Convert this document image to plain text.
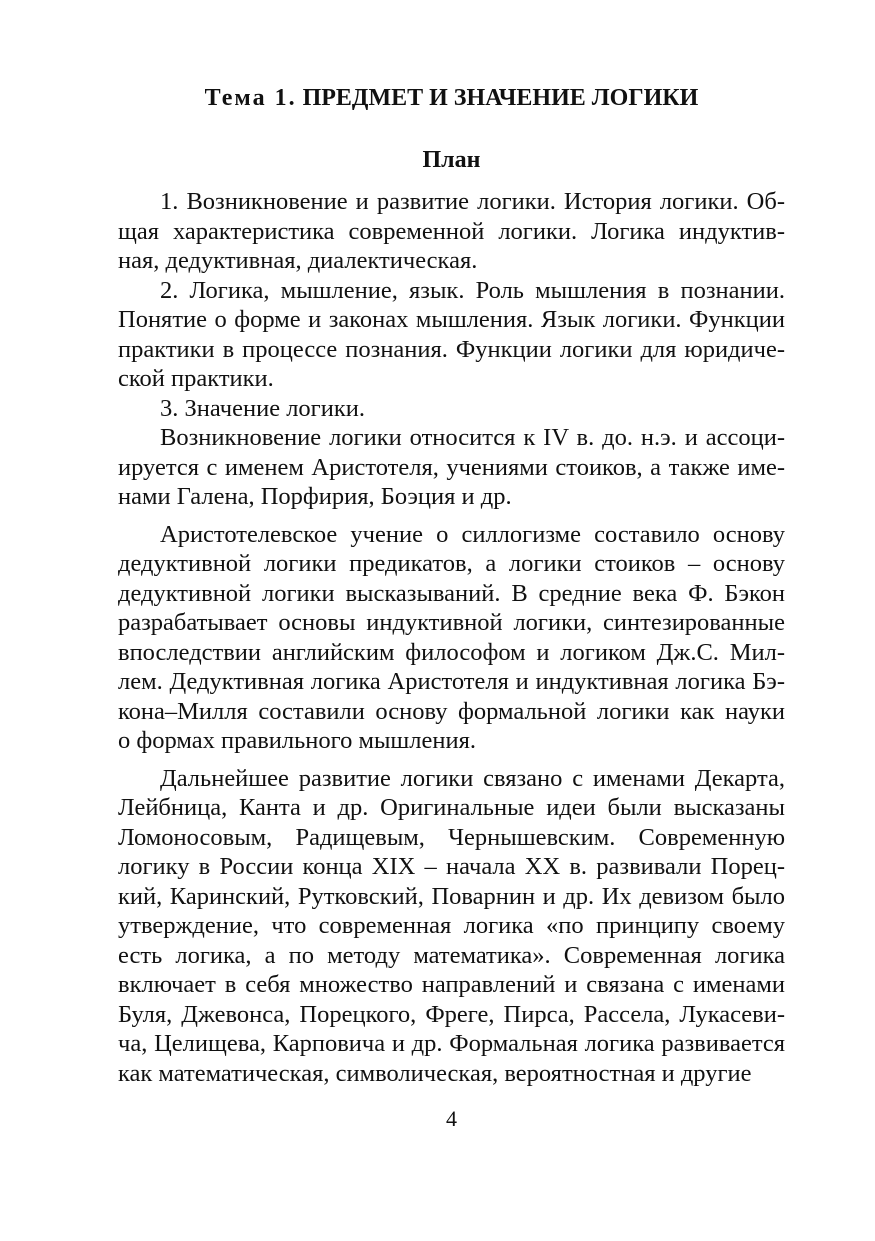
Тема 1. ПРЕДМЕТ И ЗНАЧЕНИЕ ЛОГИКИ
План
1. Возникновение и развитие логики. История логики. Об-
щая характеристика современной логики. Логика индуктив-
ная, дедуктивная, диалектическая.
2. Логика, мышление, язык. Роль мышления в познании.
Понятие о форме и законах мышления. Язык логики. Функции
практики в процессе познания. Функции логики для юридиче-
ской практики.
3. Значение логики.
Возникновение логики относится к IV в. до. н.э. и ассоци-
ируется с именем Аристотеля, учениями стоиков, а также име-
нами Галена, Порфирия, Боэция и др.
Аристотелевское учение о силлогизме составило основу
дедуктивной логики предикатов, а логики стоиков – основу
дедуктивной логики высказываний. В средние века Ф. Бэкон
разрабатывает основы индуктивной логики, синтезированные
впоследствии английским философом и логиком Дж.С. Мил-
лем. Дедуктивная логика Аристотеля и индуктивная логика Бэ-
кона–Милля составили основу формальной логики как науки
о формах правильного мышления.
Дальнейшее развитие логики связано с именами Декарта,
Лейбница, Канта и др. Оригинальные идеи были высказаны
Ломоносовым, Радищевым, Чернышевским. Современную
логику в России конца XIX – начала XX в. развивали Порец-
кий, Каринский, Рутковский, Поварнин и др. Их девизом было
утверждение, что современная логика «по принципу своему
есть логика, а по методу математика». Современная логика
включает в себя множество направлений и связана с именами
Буля, Джевонса, Порецкого, Фреге, Пирса, Рассела, Лукасеви-
ча, Целищева, Карповича и др. Формальная логика развивается
как математическая, символическая, вероятностная и другие
4
